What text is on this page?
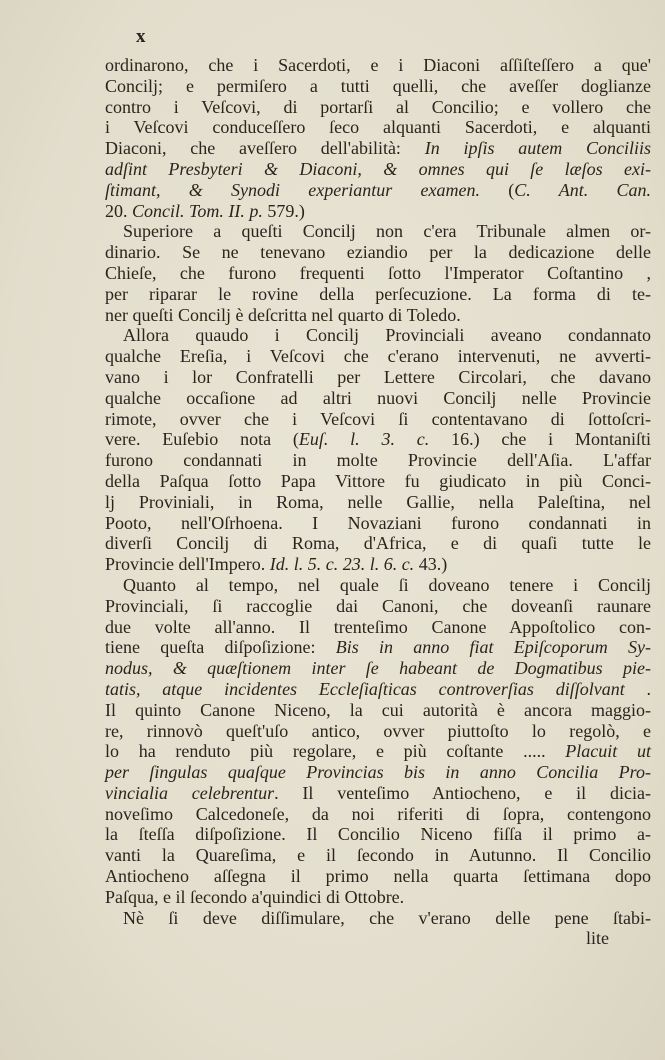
x
ordinarono, che i Sacerdoti, e i Diaconi aſſiſteſſero a que'
Concilj; e permiſero a tutti quelli, che aveſſer doglianze
contro i Veſcovi, di portarſi al Concilio; e vollero che
i Veſcovi conduceſſero ſeco alquanti Sacerdoti, e alquanti
Diaconi, che aveſſero dell'abilità: In ipſis autem Conciliis
adſint Presbyteri & Diaconi, & omnes qui ſe læſos exi-
ſtimant, & Synodi experiantur examen. (C. Ant. Can.
20. Concil. Tom. II. p. 579.)
Superiore a queſti Concilj non c'era Tribunale almen or-
dinario. Se ne tenevano eziandio per la dedicazione delle
Chieſe, che furono frequenti ſotto l'Imperator Coſtantino ,
per riparar le rovine della perſecuzione. La forma di te-
ner queſti Concilj è deſcritta nel quarto di Toledo.
Allora quaudo i Concilj Provinciali aveano condannato
qualche Ereſia, i Veſcovi che c'erano intervenuti, ne avverti-
vano i lor Confratelli per Lettere Circolari, che davano
qualche occaſione ad altri nuovi Concilj nelle Provincie
rimote, ovver che i Veſcovi ſi contentavano di ſottoſcri-
vere. Euſebio nota (Euſ. l. 3. c. 16.) che i Montaniſti
furono condannati in molte Provincie dell'Aſia. L'affar
della Paſqua ſotto Papa Vittore fu giudicato in più Conci-
lj Proviniali, in Roma, nelle Gallie, nella Paleſtina, nel
Pooto, nell'Oſrhoena. I Novaziani furono condannati in
diverſi Concilj di Roma, d'Africa, e di quaſi tutte le
Provincie dell'Impero. Id. l. 5. c. 23. l. 6. c. 43.)
Quanto al tempo, nel quale ſi doveano tenere i Concilj
Provinciali, ſi raccoglie dai Canoni, che doveanſi raunare
due volte all'anno. Il trenteſimo Canone Appoſtolico con-
tiene queſta diſpoſizione: Bis in anno fiat Epiſcoporum Sy-
nodus, & quæſtionem inter ſe habeant de Dogmatibus pie-
tatis, atque incidentes Eccleſiaſticas controverſias diſſolvant .
Il quinto Canone Niceno, la cui autorità è ancora maggio-
re, rinnovò queſt'uſo antico, ovver piuttoſto lo regolò, e
lo ha renduto più regolare, e più coſtante ..... Placuit ut
per ſingulas quaſque Provincias bis in anno Concilia Pro-
vincialia celebrentur. Il venteſimo Antiocheno, e il dicia-
noveſimo Calcedoneſe, da noi riferiti di ſopra, contengono
la ſteſſa diſpoſizione. Il Concilio Niceno fiſſa il primo a-
vanti la Quareſima, e il ſecondo in Autunno. Il Concilio
Antiocheno aſſegna il primo nella quarta ſettimana dopo
Paſqua, e il ſecondo a'quindici di Ottobre.
Nè ſi deve diſſimulare, che v'erano delle pene ſtabi-
lite
